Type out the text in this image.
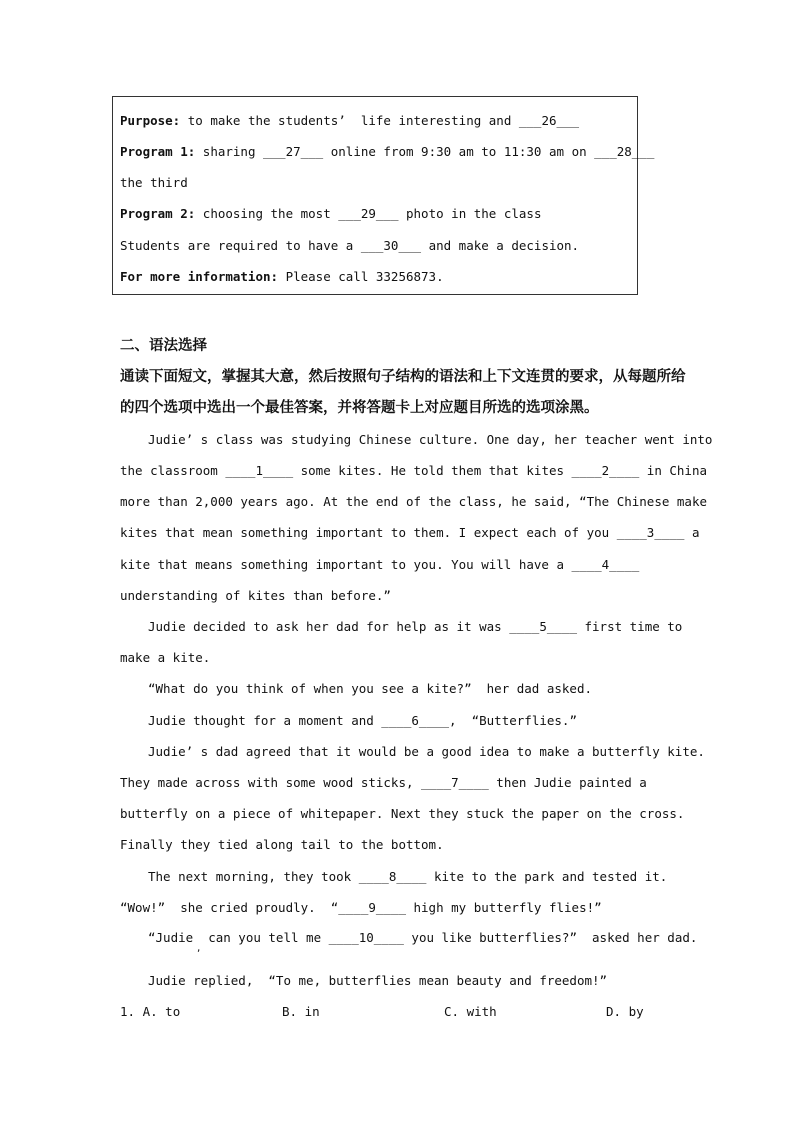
Purpose: to make the students’  life interesting and ___26___
Program 1: sharing ___27___ online from 9:30 am to 11:30 am on ___28___
the third
Program 2: choosing the most ___29___ photo in the class
Students are required to have a ___30___ and make a decision.
For more information: Please call 33256873.
二、语法选择
通读下面短文，掌握其大意，然后按照句子结构的语法和上下文连贯的要求，从每题所给
的四个选项中选出一个最佳答案，并将答题卡上对应题目所选的选项涂黑。
Judie’ s class was studying Chinese culture. One day, her teacher went into
the classroom ____1____ some kites. He told them that kites ____2____ in China
more than 2,000 years ago. At the end of the class, he said, “The Chinese make
kites that mean something important to them. I expect each of you ____3____ a
kite that means something important to you. You will have a ____4____
understanding of kites than before.”
Judie decided to ask her dad for help as it was ____5____ first time to
make a kite.
“What do you think of when you see a kite?”  her dad asked.
Judie thought for a moment and ____6____,  “Butterflies.”
Judie’ s dad agreed that it would be a good idea to make a butterfly kite.
They made across with some wood sticks, ____7____ then Judie painted a
butterfly on a piece of whitepaper. Next they stuck the paper on the cross.
Finally they tied along tail to the bottom.
The next morning, they took ____8____ kite to the park and tested it.
“Wow!”  she cried proudly.  “____9____ high my butterfly flies!”
“Judie  can you tell me ____10____ you like butterflies?”  asked her dad.
,
Judie replied,  “To me, butterflies mean beauty and freedom!”
1. A. to	B. in	C. with	D. by
